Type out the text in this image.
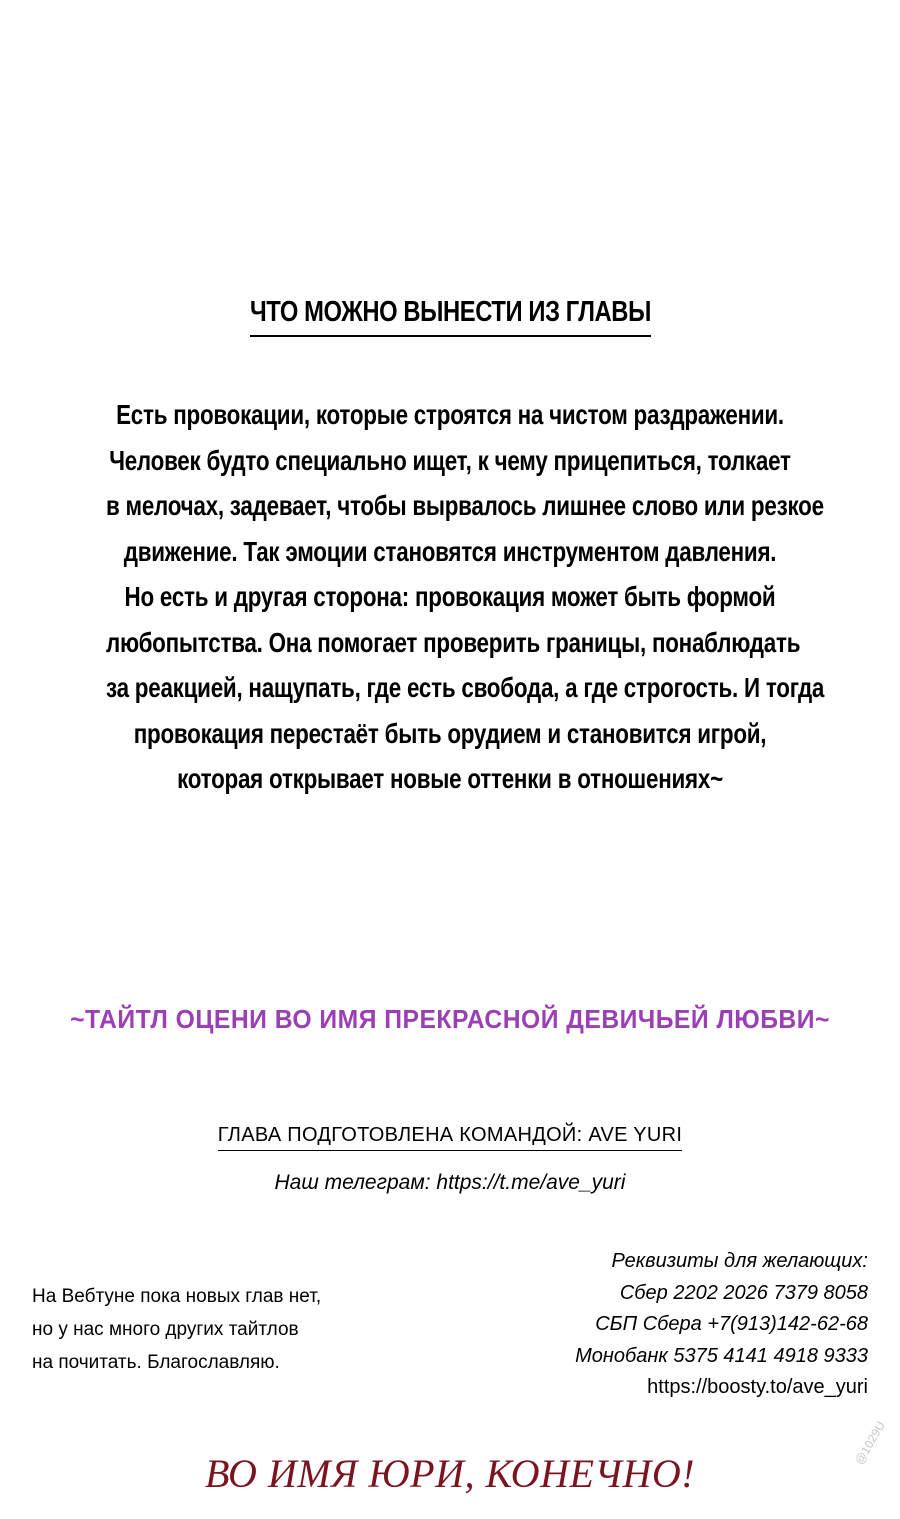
ЧТО МОЖНО ВЫНЕСТИ ИЗ ГЛАВЫ
Есть провокации, которые строятся на чистом раздражении.
Человек будто специально ищет, к чему прицепиться, толкает
в мелочах, задевает, чтобы вырвалось лишнее слово или резкое
движение. Так эмоции становятся инструментом давления.
Но есть и другая сторона: провокация может быть формой
любопытства. Она помогает проверить границы, понаблюдать
за реакцией, нащупать, где есть свобода, а где строгость. И тогда
провокация перестаёт быть орудием и становится игрой,
которая открывает новые оттенки в отношениях~
~ТАЙТЛ ОЦЕНИ ВО ИМЯ ПРЕКРАСНОЙ ДЕВИЧЬЕЙ ЛЮБВИ~
ГЛАВА ПОДГОТОВЛЕНА КОМАНДОЙ: AVE YURI
Наш телеграм: https://t.me/ave_yuri
На Вебтуне пока новых глав нет,
но у нас много других тайтлов
на почитать. Благославляю.
Реквизиты для желающих:
Сбер 2202 2026 7379 8058
СБП Сбера +7(913)142-62-68
Монобанк 5375 4141 4918 9333
https://boosty.to/ave_yuri
ВО ИМЯ ЮРИ, КОНЕЧНО!
@1029U
